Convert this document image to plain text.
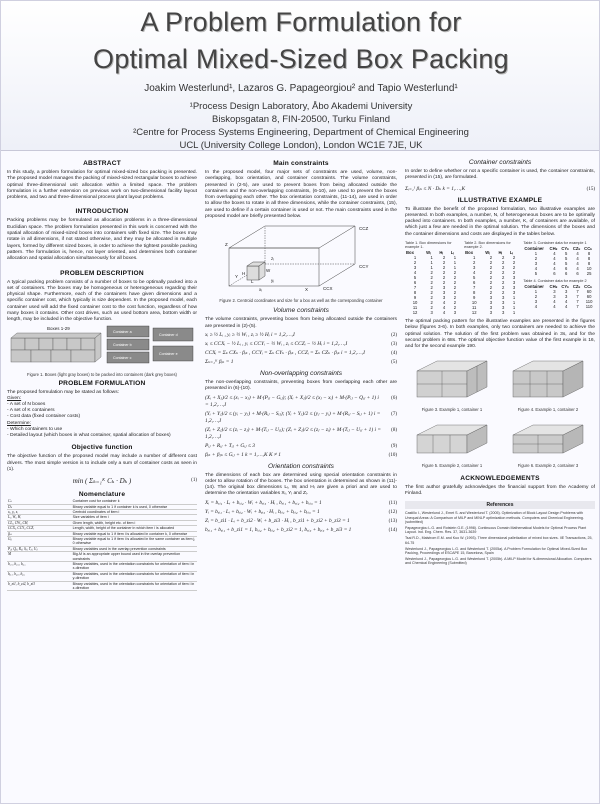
A Problem Formulation for
Optimal Mixed-Sized Box Packing
Joakim Westerlund¹, Lazaros G. Papageorgiou² and Tapio Westerlund¹
¹Process Design Laboratory, Åbo Akademi University
Biskopsgatan 8, FIN-20500, Turku Finland
²Centre for Process Systems Engineering, Department of Chemical Engineering
UCL (University College London), London WC1E 7JE, UK
ABSTRACT
In this study, a problem formulation for optimal mixed-sized box packing is presented. The proposed model manages the packing of mixed-sized rectangular boxes to achieve optimal three-dimensional unit allocation within a limited space. The problem formulation is a further extension on previous work on two-dimensional facility layout problems, and two and three-dimensional process plant layout problems.
INTRODUCTION
Packing problems may be formulated as allocation problems in a three-dimensional Euclidian space. The problem formulation presented in this work is concerned with the spatial allocation of mixed-sized boxes into containers with fixed size. The boxes may rotate in all dimensions, if not stated otherwise, and they may be allocated in multiple layers, formed by different sized boxes, in order to achieve the tightest possible packing pattern. The formulation is, hence, not layer oriented, and determines both container allocation and spatial allocation simultaneously for all boxes.
PROBLEM DESCRIPTION
A typical packing problem consists of a number of boxes to be optimally packed into a set of containers. The boxes may be homogeneous or heterogeneous regarding their physical shape. Furthermore, each of the containers have given dimensions and a specific container cost, which typically is size dependent. In the proposed model, each container used will add the fixed container cost to the cost function, regardless of how many boxes it contains. Other cost drives, such as used bottom area, bottom width or length, may be included in the objective function.
Boxes 1-29
Container a
Container b
Container c
Container d
Container e
Figure 1. Boxes (light gray boxes) to be packed into containers (dark grey boxes)
PROBLEM FORMULATION
The proposed formulation may be stated as follows:
Given:
- A set of N boxes
- A set of K containers
- Cost data (fixed container costs)
Determine:
- Which containers to use
- Detailed layout (which boxes in what container, spatial allocation of boxes)
Objective function
The objective function of the proposed model may include a number of different cost drivers. The most simple version is to include only a sum of container costs as seen in (1).
min ( Σₖ₌₁ᴷ Cₖ · Dₖ )	(1)
Nomenclature
Cₖ	Container cost for container k
Dₖ	Binary variable equal to 1 if container k is used, 0 otherwise
xᵢ, yᵢ, zᵢ	Centroid coordinates of item i
Lᵢ, Wᵢ, Hᵢ	Size variables of item i
CLᵢ, CWᵢ, CHᵢ	Given length, width, height etc. of item i
CCXᵢ, CCYᵢ, CCZᵢ	Length, width, height of the container in which item i is allocated
βᵢₖ	Binary variable equal to 1 if item i is allocated in container k, 0 otherwise
Gᵢⱼ	Binary variable equal to 1 if item i is allocated in the same container as item j, 0 otherwise
Pᵢⱼ, Qᵢⱼ, Rᵢⱼ, Sᵢⱼ, Tᵢⱼ, Uᵢⱼ	Binary variables used in the overlap prevention constraints
M	Big-M is an appropriate upper bound used in the overlap prevention constraints
bₓᵢ₁, bₓᵢ₂, bₓᵢ₃	Binary variables, used in the orientation constraints for orientation of item i in x-direction
bᵧᵢ₁, bᵧᵢ₂, bᵧᵢ₃	Binary variables, used in the orientation constraints for orientation of item i in y-direction
b_zi1, b_zi2, b_zi3	Binary variables, used in the orientation constraints for orientation of item i in z-direction
Main constraints
In the proposed model, four major sets of constraints are used, volume, non-overlapping, box orientation, and container constraints. The volume constraints, presented in (2-5), are used to prevent boxes from being allocated outside the containers and the non-overlapping constraints, (6-10), are used to prevent the boxes from overlapping each other. The box orientation constraints, (11-14), are used in order to allow the boxes to rotate in all three dimensions, while the container constraints, (15), are used to define if a certain container is used or not. The main constraints used in the proposed model are briefly presented below.
CCZ
CCY
CCX
Z
Y
X
L
W
H
zᵢ
yᵢ
xᵢ
Figure 2. Centroid coordinates and size for a box as well as the corresponding container
Volume constraints
The volume constraints, preventing boxes from being allocated outside the containers are presented in (2)-(5).
xᵢ ≥ ½ Lᵢ , yᵢ ≥ ½ Wᵢ , zᵢ ≥ ½ Hᵢ i = 1,2,…,I	(2)
xᵢ ≤ CCXᵢ − ½ Lᵢ , yᵢ ≤ CCYᵢ − ½ Wᵢ , zᵢ ≤ CCZᵢ − ½ Hᵢ i = 1,2,…,I	(3)
CCXᵢ = Σₖ CXₖ · βᵢₖ , CCYᵢ = Σₖ CYₖ · βᵢₖ , CCZᵢ = Σₖ CZₖ · βᵢₖ i = 1,2,…,I	(4)
Σₖ₌₁ᴷ βᵢₖ = 1	(5)
Non-overlapping constraints
The non-overlapping constraints, preventing boxes from overlapping each other are presented in (6)-(10).
(Xᵢ + Xⱼ)/2 ≤ (xᵢ − xⱼ) + M·(Pᵢⱼ − Gᵢⱼ); (Xᵢ + Xⱼ)/2 ≤ (xⱼ − xᵢ) + M·(Pᵢⱼ − Qᵢⱼ + 1) i = 1,2,…,I
(6)
(Yᵢ + Yⱼ)/2 ≤ (yᵢ − yⱼ) + M·(Rᵢⱼ − Sᵢⱼ); (Yᵢ + Yⱼ)/2 ≤ (yⱼ − yᵢ) + M·(Rᵢⱼ − Sᵢⱼ + 1) i = 1,2,…,I
(7)
(Zᵢ + Zⱼ)/2 ≤ (zᵢ − zⱼ) + M·(Tᵢⱼ − Uᵢⱼ); (Zᵢ + Zⱼ)/2 ≤ (zⱼ − zᵢ) + M·(Tᵢⱼ − Uᵢⱼ + 1) i = 1,2,…,I
(8)
Pᵢⱼ + Rᵢⱼ + Tᵢⱼ + Gᵢⱼ ≤ 3	(9)
βᵢₖ + βⱼₖ ≤ Gᵢⱼ + 1 k = 1,…,K K ≠ 1	(10)
Orientation constraints
The dimensions of each box are determined using special orientation constraints in order to allow rotation of the boxes. The box orientation is determined as shown in (11)-(14). The original box dimensions Lᵢ, Wᵢ and Hᵢ are given a priori and are used to determine the orientation variables Xᵢ, Yᵢ and Zᵢ.
Xᵢ = bₓᵢ₁ · Lᵢ + bₓᵢ₂ · Wᵢ + bₓᵢ₃ · Hᵢ , bₓᵢ₁ + bₓᵢ₂ + bₓᵢ₃ = 1	(11)
Yᵢ = bᵧᵢ₁ · Lᵢ + bᵧᵢ₂ · Wᵢ + bᵧᵢ₃ · Hᵢ , bᵧᵢ₁ + bᵧᵢ₂ + bᵧᵢ₃ = 1	(12)
Zᵢ = b_zi1 · Lᵢ + b_zi2 · Wᵢ + b_zi3 · Hᵢ , b_zi1 + b_zi2 + b_zi3 = 1	(13)
bₓᵢ₁ + bᵧᵢ₁ + b_zi1 = 1, bₓᵢ₂ + bᵧᵢ₂ + b_zi2 = 1, bₓᵢ₃ + bᵧᵢ₃ + b_zi3 = 1	(14)
Container constraints
In order to define whether or not a specific container is used, the container constraints, presented in (15), are formulated.
Σᵢ₌₁ᴵ βᵢₖ ≤ N · Dₖ k = 1,…,K	(15)
ILLUSTRATIVE EXAMPLE
To illustrate the benefit of the proposed formulation, two illustrative examples are presented. In both examples, a number, N, of heterogeneous boxes are to be optimally packed into containers. In both examples, a number, K, of containers are available, of which just a few are needed in the optimal solution. The dimensions of the boxes and the container dimensions and costs are displayed in the tables below.
Table 1. Box dimensions for example 1.
Box	Wᵢ	Hᵢ	Lᵢ
1	1	2	1
2	1	2	1
3	1	2	1
4	2	2	2
5	2	2	2
6	2	2	2
7	2	3	2
8	2	3	2
9	2	3	2
10	2	4	2
11	2	4	2
12	3	4	3
Table 2. Box dimensions for example 2.
Box	Wᵢ	Hᵢ	Lᵢ
1	2	2	2
2	2	2	2
3	2	2	2
4	2	2	2
5	2	2	3
6	2	2	3
7	2	2	3
8	2	2	3
9	3	3	1
10	3	3	1
11	3	3	1
12	3	3	1
Table 3. Container data for example 1
Container	CHₖ	CYₖ	CZₖ	CCₖ
1	4	5	4	8
2	4	5	4	8
3	4	5	4	8
4	4	6	4	10
5	6	6	6	25
Table 4. Container data for example 2
Container	CHₖ	CYₖ	CZₖ	CCₖ
1	3	3	7	60
2	3	3	7	60
3	4	4	7	110
4	4	4	7	110
The optimal packing pattern for the illustrative examples are presented in the figures below (figures 3-6). In both examples, only two containers are needed to achieve the optimal solution. The solution of the first problem was obtained in 3s, and for the second problem in 68s. The optimal objective function value of the first example is 16, and for the second example 190.
Figure 3. Example 1, container 1	Figure 4. Example 1, container 2
Figure 5. Example 2, container 1	Figure 6. Example 2, container 3
ACKNOWLEDGEMENTS
The first author gratefully acknowledges the financial support from the Academy of Finland.
References
Castillo I., Westerlund J., Emet S. and Westerlund T. (2005). Optimization of Block Layout Design Problems with Unequal Areas: A Comparison of MILP and MINLP optimization methods. Computers and Chemical Engineering. (submitted)
Papageorgiou L.G. and Rotstein G.E. (1998). Continuous Domain Mathematical Models for Optimal Process Plant Layout. Ind. Eng. Chem. Res. 37, 3631-3639
Tsai R.D., Malstrom E.M. and Kuo W. (1993). Three dimensional palletization of mixed box sizes. IIE Transactions, 25, 64-75
Westerlund J., Papageorgiou L.G. and Westerlund T. (2005a). A Problem Formulation for Optimal Mixed-Sized Box Packing, Proceedings of ESCAPE 15, Barcelona, Spain
Westerlund J., Papageorgiou L.G. and Westerlund T. (2005b). A MILP Model for N-dimensional Allocation. Computers and Chemical Engineering (Submitted)
